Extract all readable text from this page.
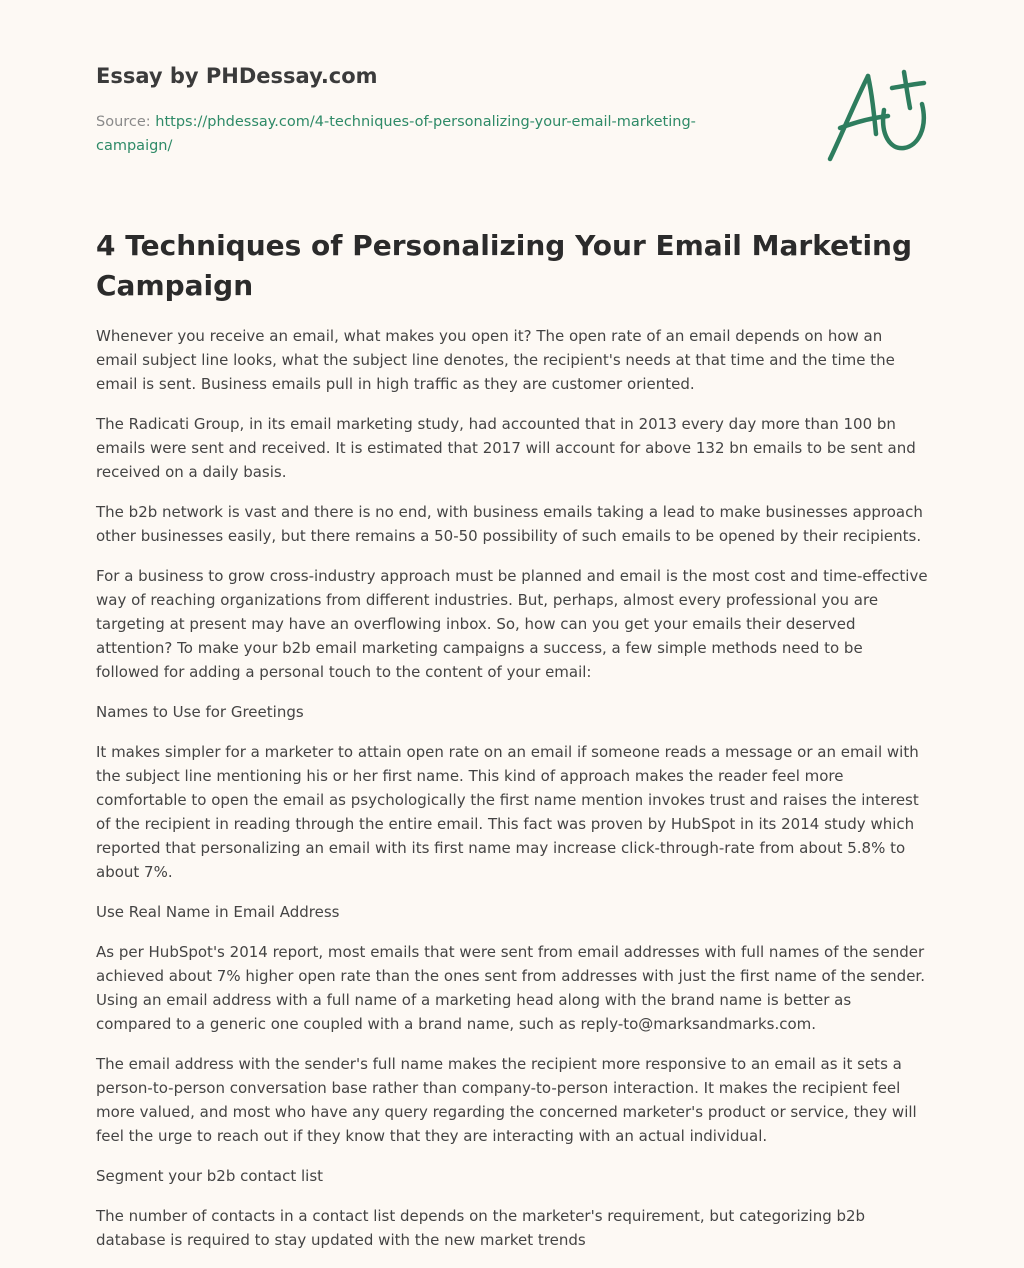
Essay by PHDessay.com
Source: https://phdessay.com/4-techniques-of-personalizing-your-email-marketing-campaign/
4 Techniques of Personalizing Your Email Marketing Campaign

Whenever you receive an email, what makes you open it? The open rate of an email depends on how an email subject line looks, what the subject line denotes, the recipient's needs at that time and the time the email is sent. Business emails pull in high traffic as they are customer oriented.

The Radicati Group, in its email marketing study, had accounted that in 2013 every day more than 100 bn emails were sent and received. It is estimated that 2017 will account for above 132 bn emails to be sent and received on a daily basis.

The b2b network is vast and there is no end, with business emails taking a lead to make businesses approach other businesses easily, but there remains a 50-50 possibility of such emails to be opened by their recipients.

For a business to grow cross-industry approach must be planned and email is the most cost and time-effective way of reaching organizations from different industries. But, perhaps, almost every professional you are targeting at present may have an overflowing inbox. So, how can you get your emails their deserved attention? To make your b2b email marketing campaigns a success, a few simple methods need to be followed for adding a personal touch to the content of your email:

Names to Use for Greetings

It makes simpler for a marketer to attain open rate on an email if someone reads a message or an email with the subject line mentioning his or her first name. This kind of approach makes the reader feel more comfortable to open the email as psychologically the first name mention invokes trust and raises the interest of the recipient in reading through the entire email. This fact was proven by HubSpot in its 2014 study which reported that personalizing an email with its first name may increase click-through-rate from about 5.8% to about 7%.

Use Real Name in Email Address

As per HubSpot's 2014 report, most emails that were sent from email addresses with full names of the sender achieved about 7% higher open rate than the ones sent from addresses with just the first name of the sender. Using an email address with a full name of a marketing head along with the brand name is better as compared to a generic one coupled with a brand name, such as reply-to@marksandmarks.com.

The email address with the sender's full name makes the recipient more responsive to an email as it sets a person-to-person conversation base rather than company-to-person interaction. It makes the recipient feel more valued, and most who have any query regarding the concerned marketer's product or service, they will feel the urge to reach out if they know that they are interacting with an actual individual.

Segment your b2b contact list

The number of contacts in a contact list depends on the marketer's requirement, but categorizing b2b database is required to stay updated with the new market trends
